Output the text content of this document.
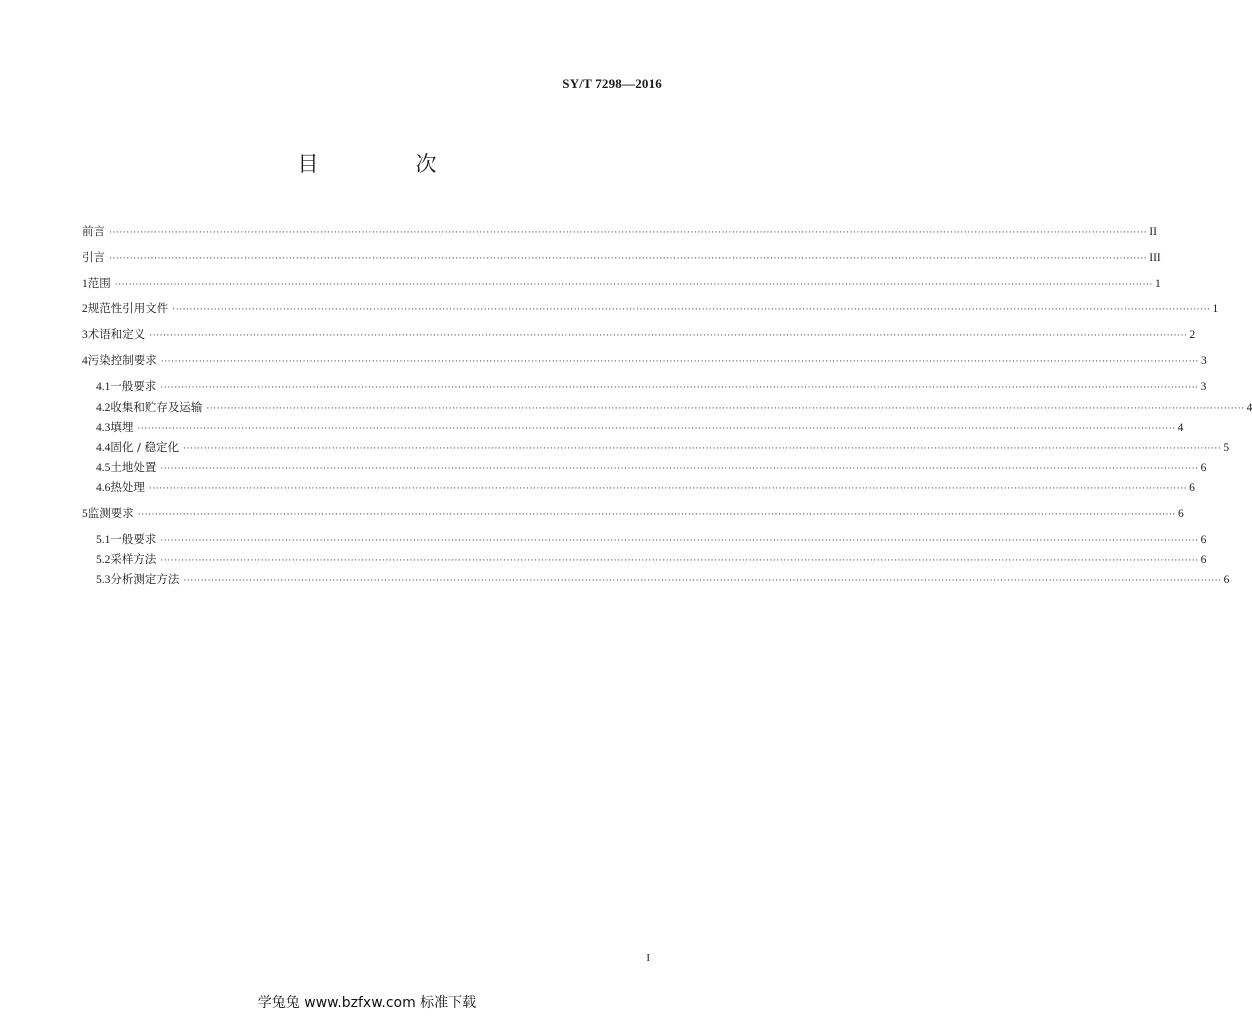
SY/T 7298—2016
目　次
前言 ············································································································································································································································································································ II
引言 ············································································································································································································································································································ III
1 范围 ············································································································································································································································································································ 1
2 规范性引用文件 ············································································································································································································································································································ 1
3 术语和定义 ············································································································································································································································································································ 2
4 污染控制要求 ············································································································································································································································································································ 3
4.1 一般要求 ············································································································································································································································································································ 3
4.2 收集和贮存及运输 ············································································································································································································································································································ 4
4.3 填埋 ············································································································································································································································································································ 4
4.4 固化 / 稳定化 ············································································································································································································································································································ 5
4.5 土地处置 ············································································································································································································································································································ 6
4.6 热处理 ············································································································································································································································································································ 6
5 监测要求 ············································································································································································································································································································ 6
5.1 一般要求 ············································································································································································································································································································ 6
5.2 采样方法 ············································································································································································································································································································ 6
5.3 分析测定方法 ············································································································································································································································································································ 6
I
学兔兔 www.bzfxw.com 标准下载
